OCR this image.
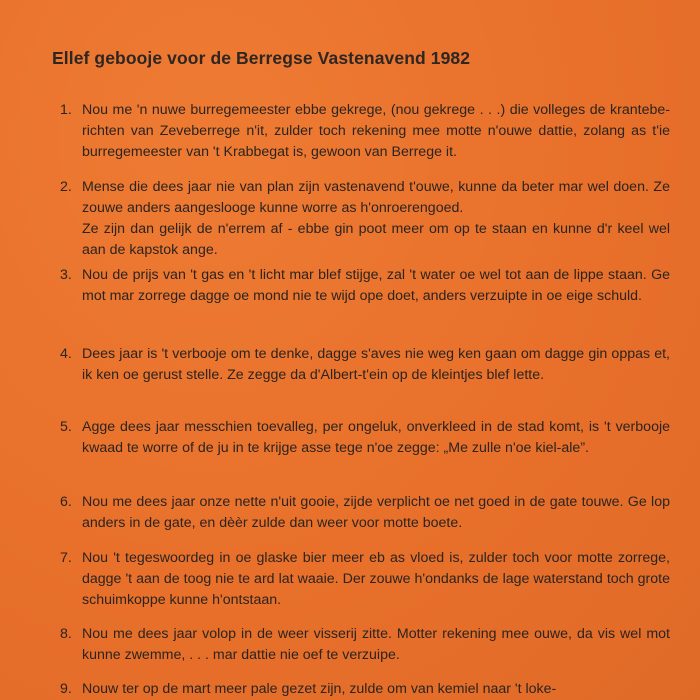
Ellef gebooje voor de Berregse Vastenavend 1982
1. Nou me 'n nuwe burregemeester ebbe gekrege, (nou gekrege . . .) die volleges de kranteberichten van Zeveberrege n'it, zulder toch rekening mee motte n'ouwe dattie, zolang as t'ie burregemeester van 't Krabbegat is, gewoon van Berrege it.

2. Mense die dees jaar nie van plan zijn vastenavend t'ouwe, kunne da beter mar wel doen. Ze zouwe anders aangeslooge kunne worre as h'onroerengoed.

Ze zijn dan gelijk de n'errem af - ebbe gin poot meer om op te staan en kunne d'r keel wel aan de kapstok ange.

3. Nou de prijs van 't gas en 't licht mar blef stijge, zal 't water oe wel tot aan de lippe staan. Ge mot mar zorrege dagge oe mond nie te wijd ope doet, anders verzuipte in oe eige schuld.

4. Dees jaar is 't verbooje om te denke, dagge s'aves nie weg ken gaan om dagge gin oppas et, ik ken oe gerust stelle. Ze zegge da d'Albert-t'ein op de kleintjes blef lette.

5. Agge dees jaar messchien toevalleg, per ongeluk, onverkleed in de stad komt, is 't verbooje kwaad te worre of de ju in te krijge asse tege n'oe zegge: „Me zulle n'oe kiel-ale”.

6. Nou me dees jaar onze nette n'uit gooie, zijde verplicht oe net goed in de gate touwe. Ge lop anders in de gate, en dèèr zulde dan weer voor motte boete.

7. Nou 't tegeswoordeg in oe glaske bier meer eb as vloed is, zulder toch voor motte zorrege, dagge 't aan de toog nie te ard lat waaie. Der zouwe h'ondanks de lage waterstand toch grote schuimkoppe kunne h'ontstaan.

8. Nou me dees jaar volop in de weer visserij zitte. Motter rekening mee ouwe, da vis wel mot kunne zwemme, . . . mar dattie nie oef te verzuipe.

9. Nouw ter op de mart meer pale gezet zijn, zulde om van kemiel naar 't loke-
